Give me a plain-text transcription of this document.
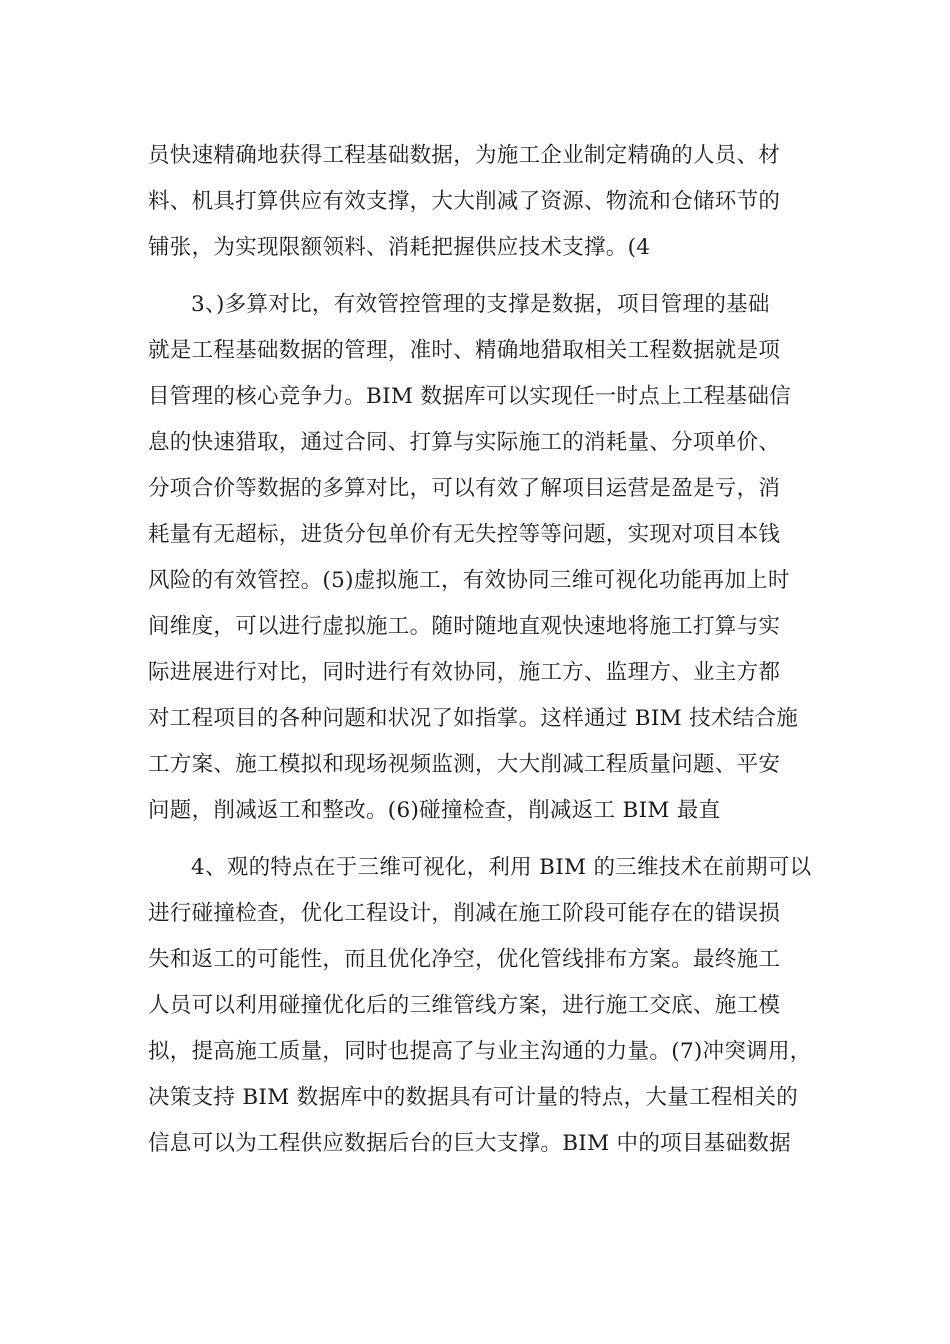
员快速精确地获得工程基础数据，为施工企业制定精确的人员、材
料、机具打算供应有效支撑，大大削减了资源、物流和仓储环节的
铺张，为实现限额领料、消耗把握供应技术支撑。(4
3、)多算对比，有效管控管理的支撑是数据，项目管理的基础
就是工程基础数据的管理，准时、精确地猎取相关工程数据就是项
目管理的核心竞争力。BIM 数据库可以实现任一时点上工程基础信
息的快速猎取，通过合同、打算与实际施工的消耗量、分项单价、
分项合价等数据的多算对比，可以有效了解项目运营是盈是亏，消
耗量有无超标，进货分包单价有无失控等等问题，实现对项目本钱
风险的有效管控。(5)虚拟施工，有效协同三维可视化功能再加上时
间维度，可以进行虚拟施工。随时随地直观快速地将施工打算与实
际进展进行对比，同时进行有效协同，施工方、监理方、业主方都
对工程项目的各种问题和状况了如指掌。这样通过 BIM 技术结合施
工方案、施工模拟和现场视频监测，大大削减工程质量问题、平安
问题，削减返工和整改。(6)碰撞检查，削减返工 BIM 最直
4、观的特点在于三维可视化，利用 BIM 的三维技术在前期可以
进行碰撞检查，优化工程设计，削减在施工阶段可能存在的错误损
失和返工的可能性，而且优化净空，优化管线排布方案。最终施工
人员可以利用碰撞优化后的三维管线方案，进行施工交底、施工模
拟，提高施工质量，同时也提高了与业主沟通的力量。(7)冲突调用，
决策支持 BIM 数据库中的数据具有可计量的特点，大量工程相关的
信息可以为工程供应数据后台的巨大支撑。BIM 中的项目基础数据
